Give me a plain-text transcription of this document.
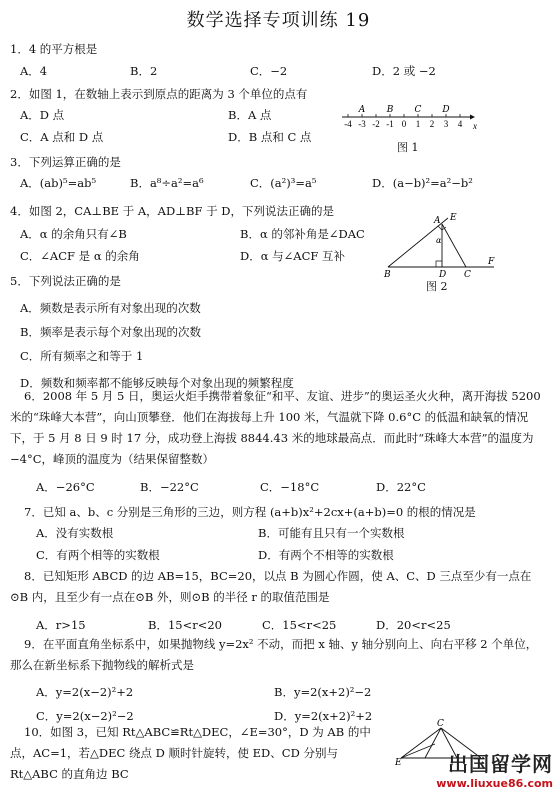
数学选择专项训练 19
1．4 的平方根是
A．4	B．2	C．−2	D．2 或 −2
2．如图 1，在数轴上表示到原点的距离为 3 个单位的点有
A．D 点	B．A 点
C．A 点和 D 点	D．B 点和 C 点
-4 -3 -2 -1 0 1 2 3 4
A B C D
x
图 1
3．下列运算正确的是
A．(ab)⁵=ab⁵	B．a⁸÷a²=a⁶	C．(a²)³=a⁵	D．(a−b)²=a²−b²
4．如图 2，CA⊥BE 于 A，AD⊥BF 于 D，下列说法正确的是
A．α 的余角只有∠B	B．α 的邻补角是∠DAC
C．∠ACF 是 α 的余角	D．α 与∠ACF 互补
A E
α
B	D C
F
图 2
5．下列说法正确的是
A．频数是表示所有对象出现的次数
B．频率是表示每个对象出现的次数
C．所有频率之和等于 1
D．频数和频率都不能够反映每个对象出现的频繁程度
6．2008 年 5 月 5 日，奥运火炬手携带着象征“和平、友谊、进步”的奥运圣火火种，离开海拔 5200 米的“珠峰大本营”，向山顶攀登．他们在海拔每上升 100 米，气温就下降 0.6°C 的低温和缺氧的情况下，于 5 月 8 日 9 时 17 分，成功登上海拔 8844.43 米的地球最高点．而此时“珠峰大本营”的温度为 −4°C，峰顶的温度为（结果保留整数）
A．−26°C	B．−22°C	C．−18°C	D．22°C
7．已知 a、b、c 分别是三角形的三边，则方程 (a+b)x²+2cx+(a+b)=0 的根的情况是
A．没有实数根	B．可能有且只有一个实数根
C．有两个相等的实数根	D．有两个不相等的实数根
8．已知矩形 ABCD 的边 AB=15，BC=20，以点 B 为圆心作圆，使 A、C、D 三点至少有一点在⊙B 内，且至少有一点在⊙B 外，则⊙B 的半径 r 的取值范围是
A．r>15	B．15<r<20	C．15<r<25	D．20<r<25
9．在平面直角坐标系中，如果抛物线 y=2x² 不动，而把 x 轴、y 轴分别向上、向右平移 2 个单位，那么在新坐标系下抛物线的解析式是
A．y=2(x−2)²+2	B．y=2(x+2)²−2
C．y=2(x−2)²−2	D．y=2(x+2)²+2
10．如图 3，已知 Rt△ABC≌Rt△DEC，∠E=30°，D 为 AB 的中点，AC=1，若△DEC 绕点 D 顺时针旋转，使 ED、CD 分别与 Rt△ABC 的直角边 BC
C
E	出国留学网
www.liuxue86.com
